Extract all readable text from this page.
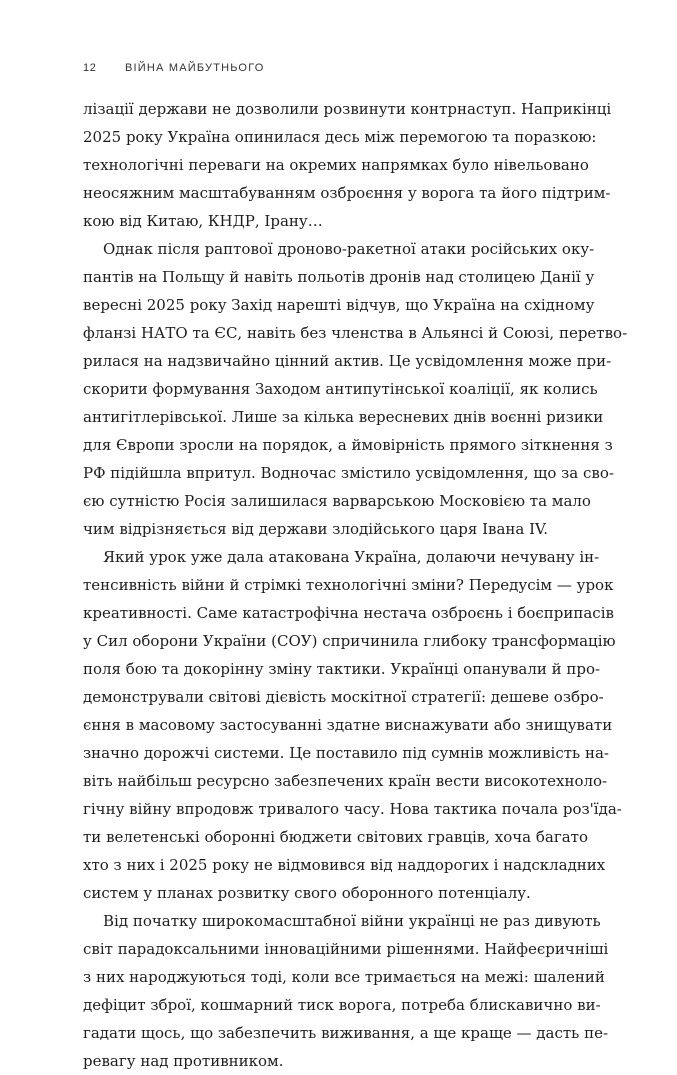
12	ВІЙНА МАЙБУТНЬОГО
лізації держави не дозволили розвинути контрнаступ. Наприкінці
2025 року Україна опинилася десь між перемогою та поразкою:
технологічні переваги на окремих напрямках було нівельовано
неосяжним масштабуванням озброєння у ворога та його підтрим-
кою від Китаю, КНДР, Ірану…
Однак після раптової дроново-ракетної атаки російських оку-
пантів на Польщу й навіть польотів дронів над столицею Данії у
вересні 2025 року Захід нарешті відчув, що Україна на східному
фланзі НАТО та ЄС, навіть без членства в Альянсі й Союзі, перетво-
рилася на надзвичайно цінний актив. Це усвідомлення може при-
скорити формування Заходом антипутінської коаліції, як колись
антигітлерівської. Лише за кілька вересневих днів воєнні ризики
для Європи зросли на порядок, а ймовірність прямого зіткнення з
РФ підійшла впритул. Водночас змістило усвідомлення, що за сво-
єю сутністю Росія залишилася варварською Московією та мало
чим відрізняється від держави злодійського царя Івана IV.
Який урок уже дала атакована Україна, долаючи нечувану ін-
тенсивність війни й стрімкі технологічні зміни? Передусім — урок
креативності. Саме катастрофічна нестача озброєнь і боєприпасів
у Сил оборони України (СОУ) спричинила глибоку трансформацію
поля бою та докорінну зміну тактики. Українці опанували й про-
демонстрували світові дієвість москітної стратегії: дешеве озбро-
єння в масовому застосуванні здатне виснажувати або знищувати
значно дорожчі системи. Це поставило під сумнів можливість на-
віть найбільш ресурсно забезпечених країн вести високотехноло-
гічну війну впродовж тривалого часу. Нова тактика почала роз'їда-
ти велетенські оборонні бюджети світових гравців, хоча багато
хто з них і 2025 року не відмовився від наддорогих і надскладних
систем у планах розвитку свого оборонного потенціалу.
Від початку широкомасштабної війни українці не раз дивують
світ парадоксальними інноваційними рішеннями. Найфеєричніші
з них народжуються тоді, коли все тримається на межі: шалений
дефіцит зброї, кошмарний тиск ворога, потреба блискавично ви-
гадати щось, що забезпечить виживання, а ще краще — дасть пе-
ревагу над противником.
